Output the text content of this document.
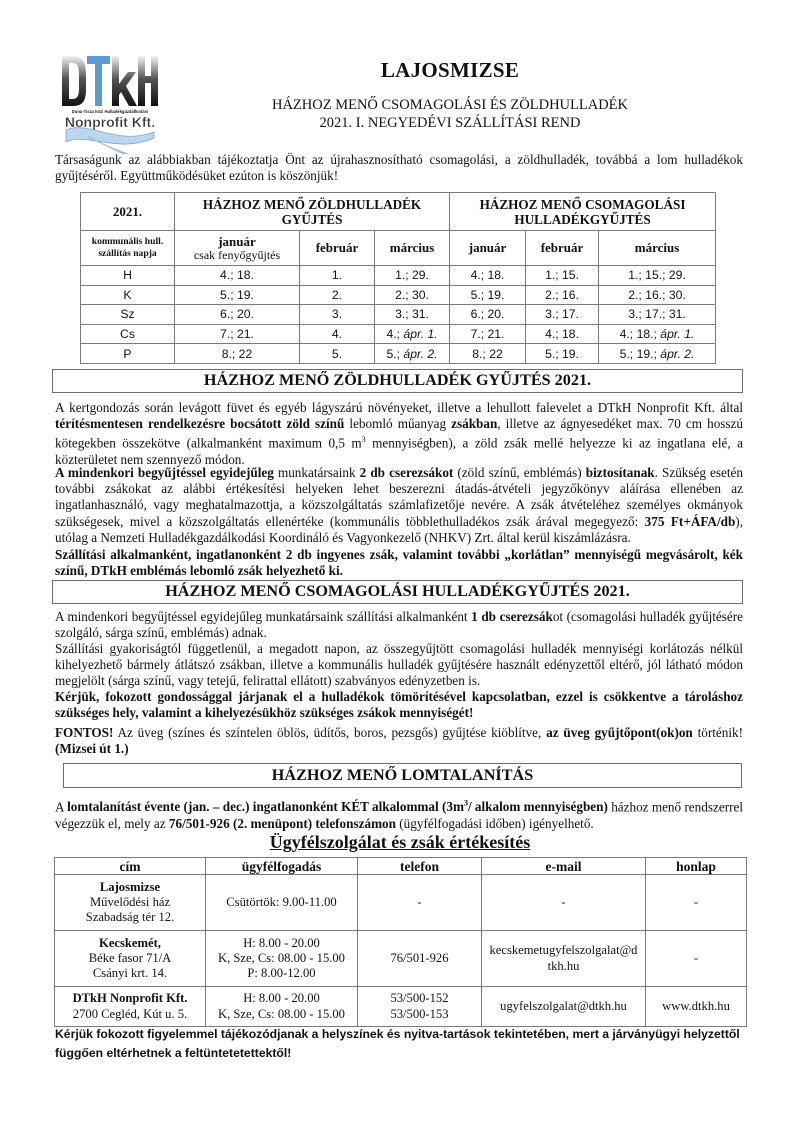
Duna-Tisza közi Hulladékgazdálkodási
Nonprofit Kft.
LAJOSMIZSE
HÁZHOZ MENŐ CSOMAGOLÁSI ÉS ZÖLDHULLADÉK
2021. I. NEGYEDÉVI SZÁLLÍTÁSI REND
Társaságunk az alábbiakban tájékoztatja Önt az újrahasznosítható csomagolási, a zöldhulladék, továbbá a lom hulladékok gyűjtéséről. Együttműködésüket ezúton is köszönjük!
2021.	HÁZHOZ MENŐ ZÖLDHULLADÉK GYŰJTÉS			HÁZHOZ MENŐ CSOMAGOLÁSI HULLADÉKGYŰJTÉS		
kommunális hull. szállítás napja	január
csak fenyőgyűjtés	február	március	január	február	március
H	4.; 18.	1.	1.; 29.	4.; 18.	1.; 15.	1.; 15.; 29.
K	5.; 19.	2.	2.; 30.	5.; 19.	2.; 16.	2.; 16.; 30.
Sz	6.; 20.	3.	3.; 31.	6.; 20.	3.; 17.	3.; 17.; 31.
Cs	7.; 21.	4.	4.; ápr. 1.	7.; 21.	4.; 18.	4.; 18.; ápr. 1.
P	8.; 22	5.	5.; ápr. 2.	8.; 22	5.; 19.	5.; 19.; ápr. 2.
HÁZHOZ MENŐ ZÖLDHULLADÉK GYŰJTÉS 2021.
A kertgondozás során levágott füvet és egyéb lágyszárú növényeket, illetve a lehullott falevelet a DTkH Nonprofit Kft. által térítésmentesen rendelkezésre bocsátott zöld színű lebomló műanyag zsákban, illetve az ágnyesedéket max. 70 cm hosszú kötegekben összekötve (alkalmanként maximum 0,5 $m^3$ mennyiségben), a zöld zsák mellé helyezze ki az ingatlana elé, a közterületet nem szennyező módon.
A mindenkori begyűjtéssel egyidejűleg munkatársaink 2 db cserezsákot (zöld színű, emblémás) biztosítanak. Szükség esetén további zsákokat az alábbi értékesítési helyeken lehet beszerezni átadás-átvételi jegyzőkönyv aláírása ellenében az ingatlanhasználó, vagy meghatalmazottja, a közszolgáltatás számlafizetője nevére. A zsák átvételéhez személyes okmányok szükségesek, mivel a közszolgáltatás ellenértéke (kommunális többlethulladékos zsák árával megegyező: 375 Ft+ÁFA/db), utólag a Nemzeti Hulladékgazdálkodási Koordináló és Vagyonkezelő (NHKV) Zrt. által kerül kiszámlázásra.
Szállítási alkalmanként, ingatlanonként 2 db ingyenes zsák, valamint további „korlátlan” mennyiségű megvásárolt, kék színű, DTkH emblémás lebomló zsák helyezhető ki.
HÁZHOZ MENŐ CSOMAGOLÁSI HULLADÉKGYŰJTÉS 2021.
A mindenkori begyűjtéssel egyidejűleg munkatársaink szállítási alkalmanként 1 db cserezsákot (csomagolási hulladék gyűjtésére szolgáló, sárga színű, emblémás) adnak.
Szállítási gyakoriságtól függetlenül, a megadott napon, az összegyűjtött csomagolási hulladék mennyiségi korlátozás nélkül kihelyezhető bármely átlátszó zsákban, illetve a kommunális hulladék gyűjtésére használt edényzettől eltérő, jól látható módon megjelölt (sárga színű, vagy tetejű, felirattal ellátott) szabványos edényzetben is.
Kérjük, fokozott gondossággal járjanak el a hulladékok tömörítésével kapcsolatban, ezzel is csökkentve a tároláshoz szükséges hely, valamint a kihelyezésükhöz szükséges zsákok mennyiségét!
FONTOS! Az üveg (színes és színtelen öblös, üdítős, boros, pezsgős) gyűjtése kiöblítve, az üveg gyűjtőpont(ok)on történik! (Mizsei út 1.)
HÁZHOZ MENŐ LOMTALANÍTÁS
A lomtalanítást évente (jan. – dec.) ingatlanonként KÉT alkalommal ($3m^3/$ alkalom mennyiségben) házhoz menő rendszerrel végezzük el, mely az 76/501-926 (2. menüpont) telefonszámon (ügyfélfogadási időben) igényelhető.
Ügyfélszolgálat és zsák értékesítés
cím	ügyfélfogadás	telefon	e-mail	honlap
Lajosmizse
Művelődési ház
Szabadság tér 12.	Csütörtök: 9.00-11.00	-	-	-
Kecskemét,
Béke fasor 71/A
Csányi krt. 14.	H: 8.00 - 20.00
K, Sze, Cs: 08.00 - 15.00
P: 8.00-12.00	76/501-926	kecskemetugyfelszolgalat@dtkh.hu	-
DTkH Nonprofit Kft.
2700 Cegléd, Kút u. 5.	H: 8.00 - 20.00
K, Sze, Cs: 08.00 - 15.00	53/500-152
53/500-153	ugyfelszolgalat@dtkh.hu	www.dtkh.hu
Kérjük fokozott figyelemmel tájékozódjanak a helyszínek és nyitva-tartások tekintetében, mert a járványügyi helyzettől függően eltérhetnek a feltüntetetettektől!
